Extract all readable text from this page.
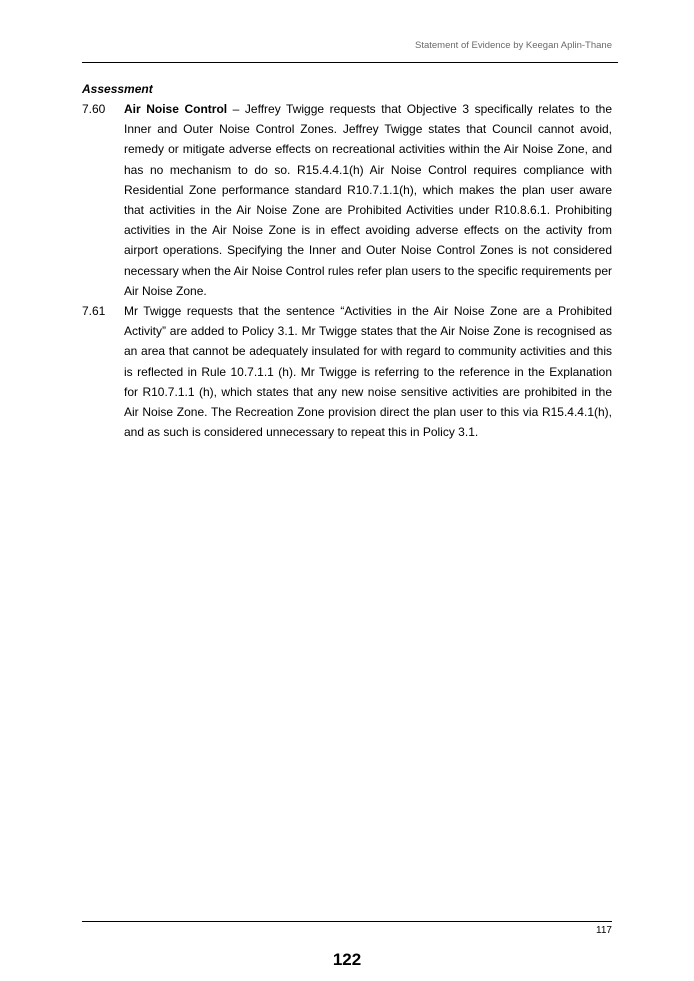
Statement of Evidence by Keegan Aplin-Thane
Assessment
7.60 Air Noise Control – Jeffrey Twigge requests that Objective 3 specifically relates to the Inner and Outer Noise Control Zones. Jeffrey Twigge states that Council cannot avoid, remedy or mitigate adverse effects on recreational activities within the Air Noise Zone, and has no mechanism to do so. R15.4.4.1(h) Air Noise Control requires compliance with Residential Zone performance standard R10.7.1.1(h), which makes the plan user aware that activities in the Air Noise Zone are Prohibited Activities under R10.8.6.1. Prohibiting activities in the Air Noise Zone is in effect avoiding adverse effects on the activity from airport operations. Specifying the Inner and Outer Noise Control Zones is not considered necessary when the Air Noise Control rules refer plan users to the specific requirements per Air Noise Zone.
7.61 Mr Twigge requests that the sentence “Activities in the Air Noise Zone are a Prohibited Activity” are added to Policy 3.1. Mr Twigge states that the Air Noise Zone is recognised as an area that cannot be adequately insulated for with regard to community activities and this is reflected in Rule 10.7.1.1 (h). Mr Twigge is referring to the reference in the Explanation for R10.7.1.1 (h), which states that any new noise sensitive activities are prohibited in the Air Noise Zone. The Recreation Zone provision direct the plan user to this via R15.4.4.1(h), and as such is considered unnecessary to repeat this in Policy 3.1.
117
122
